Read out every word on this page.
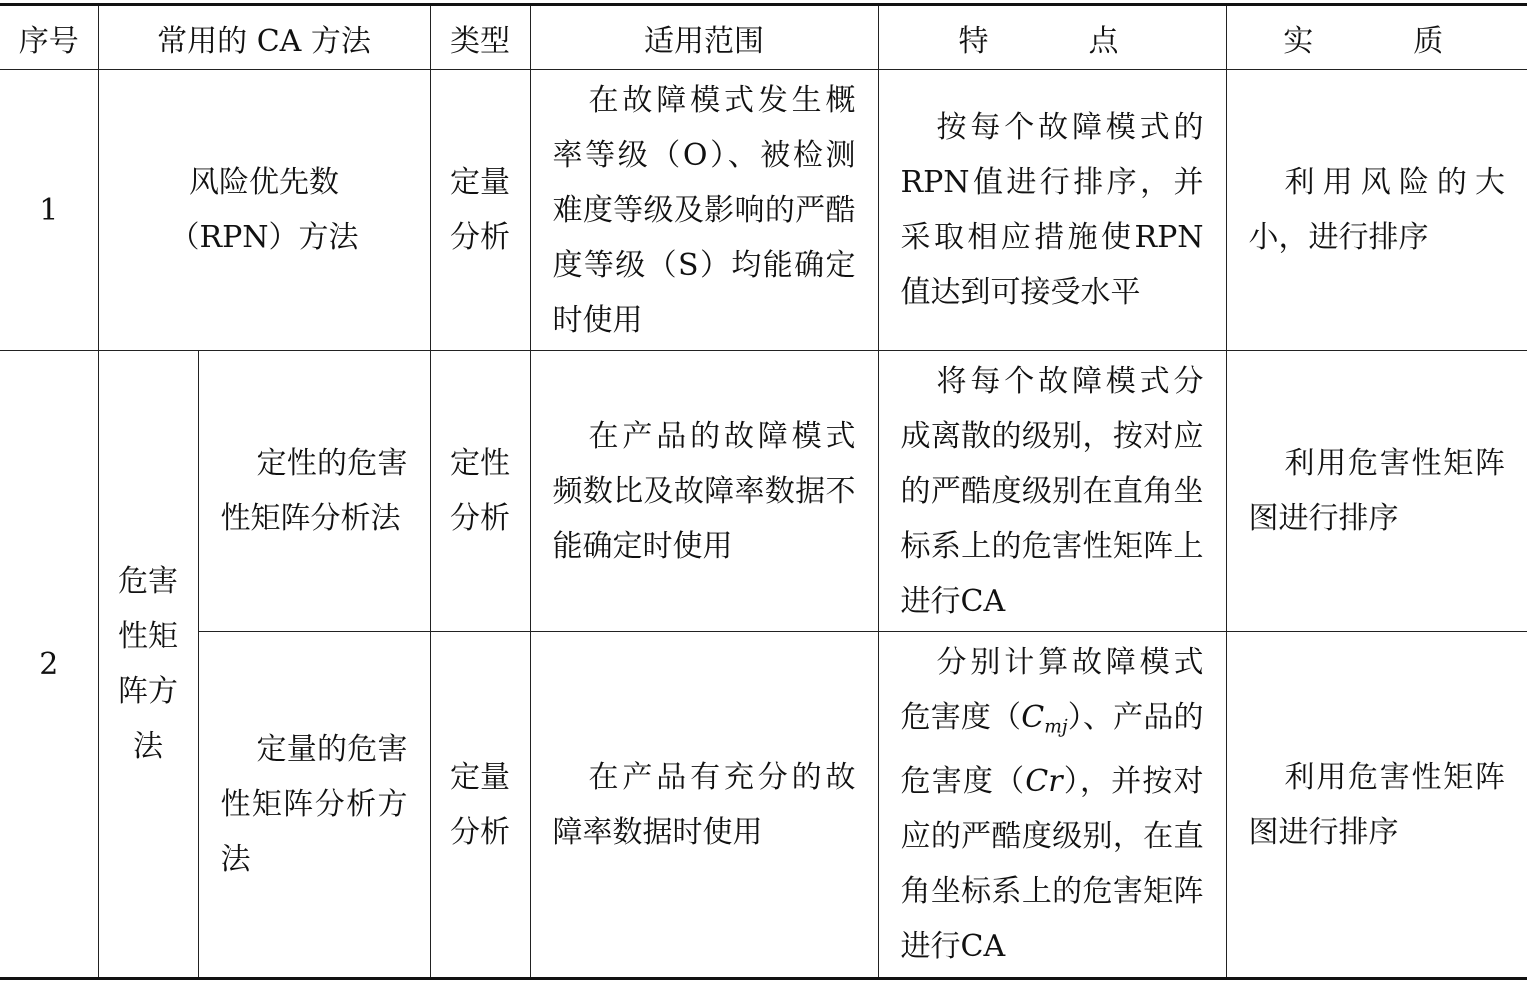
序号	常用的 CA 方法		类型	适用范围	特  点	实  质
1	风险优先数（RPN）方法		定量分析	在故障模式发生概率等级（O）、被检测难度等级及影响的严酷度等级（S）均能确定时使用	按每个故障模式的RPN值进行排序，并采取相应措施使RPN值达到可接受水平	利用风险的大小，进行排序

2	危害性矩阵方法	定性的危害性矩阵分析法	定性分析	在产品的故障模式频数比及故障率数据不能确定时使用	将每个故障模式分成离散的级别，按对应的严酷度级别在直角坐标系上的危害性矩阵上进行CA	利用危害性矩阵图进行排序

		定量的危害性矩阵分析方法	定量分析	在产品有充分的故障率数据时使用	分别计算故障模式危害度$(C_{mj})$、产品的危害度（Cr），并按对应的严酷度级别，在直角坐标系上的危害矩阵进行CA	利用危害性矩阵图进行排序
